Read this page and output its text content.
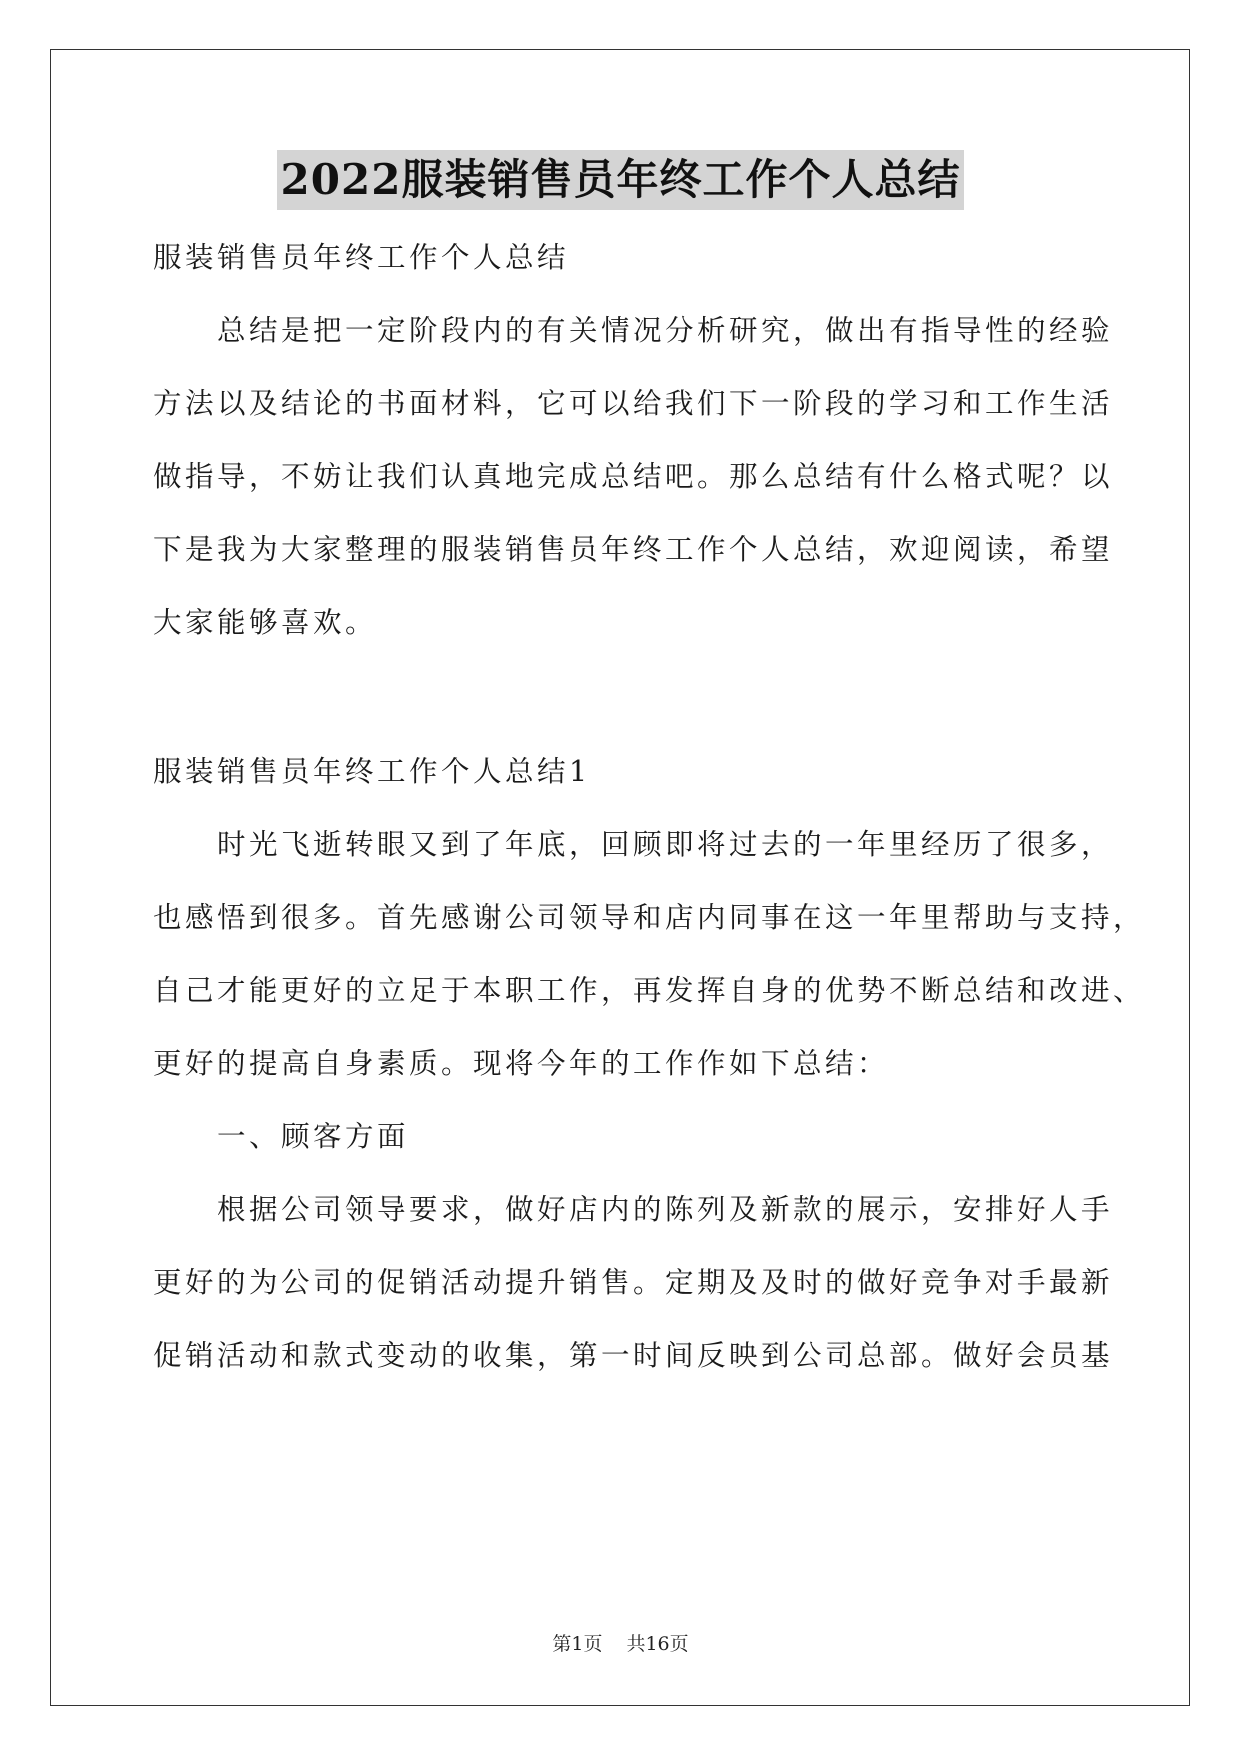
2022服装销售员年终工作个人总结
服装销售员年终工作个人总结
　　总结是把一定阶段内的有关情况分析研究，做出有指导性的经验
方法以及结论的书面材料，它可以给我们下一阶段的学习和工作生活
做指导，不妨让我们认真地完成总结吧。那么总结有什么格式呢？以
下是我为大家整理的服装销售员年终工作个人总结，欢迎阅读，希望
大家能够喜欢。
服装销售员年终工作个人总结1
　　时光飞逝转眼又到了年底，回顾即将过去的一年里经历了很多，
也感悟到很多。首先感谢公司领导和店内同事在这一年里帮助与支持，
自己才能更好的立足于本职工作，再发挥自身的优势不断总结和改进、
更好的提高自身素质。现将今年的工作作如下总结：
　　一、顾客方面
　　根据公司领导要求，做好店内的陈列及新款的展示，安排好人手
更好的为公司的促销活动提升销售。定期及及时的做好竞争对手最新
促销活动和款式变动的收集，第一时间反映到公司总部。做好会员基
第1页 共16页
